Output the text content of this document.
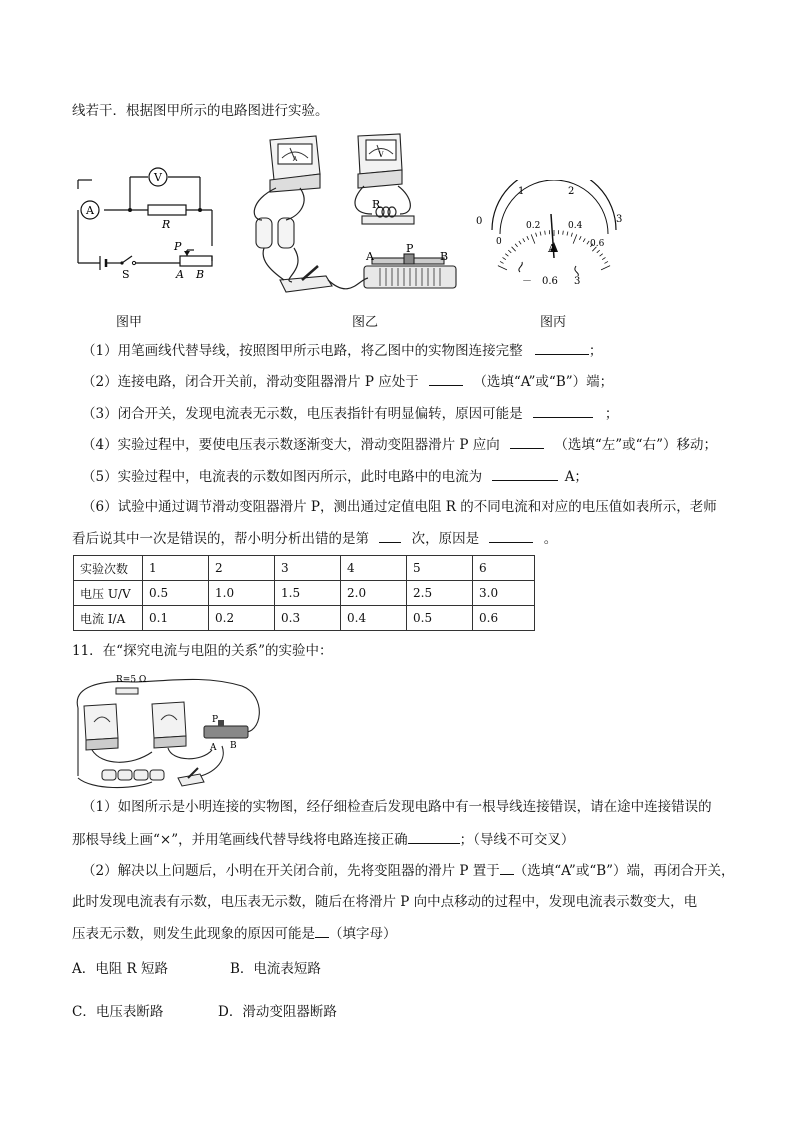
线若干．根据图甲所示的电路图进行实验。
A
V
R
P
S	A B
图甲
A
V
R
A
P
B
图乙
0
1	2
3
0
0.2	0.4
0.6
A
－ 0.6 3
图丙
（1）用笔画线代替导线，按照图甲所示电路，将乙图中的实物图连接完整	；
（2）连接电路，闭合开关前，滑动变阻器滑片 P 应处于	（选填“A”或“B”）端；
（3）闭合开关，发现电流表无示数，电压表指针有明显偏转，原因可能是	；
（4）实验过程中，要使电压表示数逐渐变大，滑动变阻器滑片 P 应向	（选填“左”或“右”）移动；
（5）实验过程中，电流表的示数如图丙所示，此时电路中的电流为	A；
（6）试验中通过调节滑动变阻器滑片 P，测出通过定值电阻 R 的不同电流和对应的电压值如表所示，老师
看后说其中一次是错误的，帮小明分析出错的是第	次，原因是	。
实验次数	1	2	3	4	5	6
电压 U/V	0.5	1.0	1.5	2.0	2.5	3.0
电流 I/A	0.1	0.2	0.3	0.4	0.5	0.6
11．在“探究电流与电阻的关系”的实验中：
R=5 Ω
P
A B
（1）如图所示是小明连接的实物图，经仔细检查后发现电路中有一根导线连接错误，请在途中连接错误的
那根导线上画“×”，并用笔画线代替导线将电路连接正确	；（导线不可交叉）
（2）解决以上问题后，小明在开关闭合前，先将变阻器的滑片 P 置于 （选填“A”或“B”）端，再闭合开关，
此时发现电流表有示数，电压表无示数，随后在将滑片 P 向中点移动的过程中，发现电流表示数变大，电
压表无示数，则发生此现象的原因可能是 （填字母）
A．电阻 R 短路	B．电流表短路
C．电压表断路	D．滑动变阻器断路
